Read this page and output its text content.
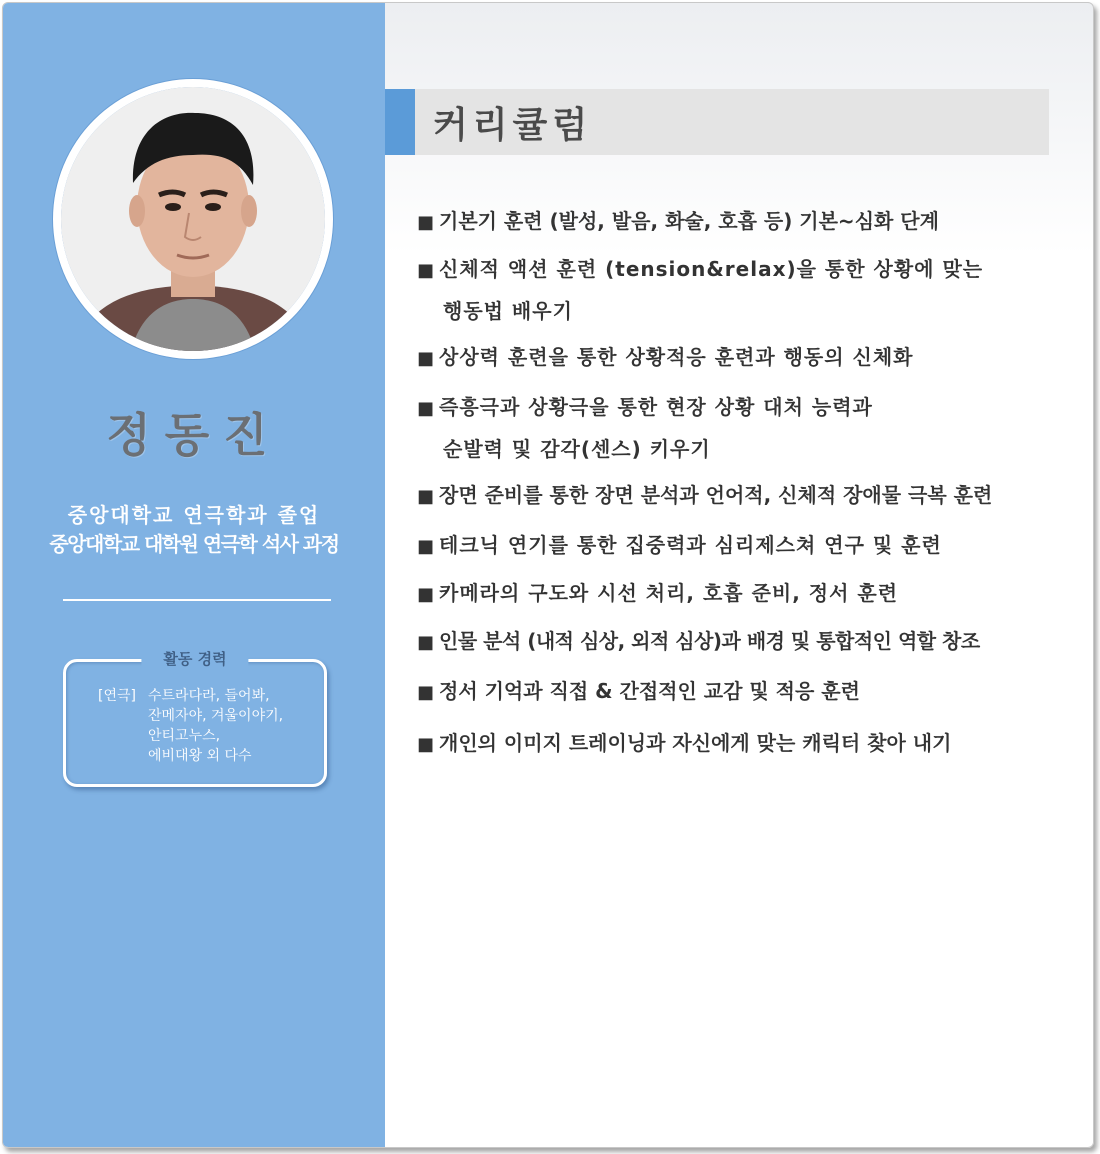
정동진
중앙대학교 연극학과 졸업
중앙대학교 대학원 연극학 석사 과정
활동 경력
[연극] 수트라다라, 들어봐,
잔메자야, 겨울이야기,
안티고누스,
에비대왕 외 다수
커리큘럼
■ 기본기 훈련 (발성, 발음, 화술, 호흡 등) 기본~심화 단계
■ 신체적 액션 훈련 (tension&relax)을 통한 상황에 맞는
행동법 배우기
■ 상상력 훈련을 통한 상황적응 훈련과 행동의 신체화
■ 즉흥극과 상황극을 통한 현장 상황 대처 능력과
순발력 및 감각(센스) 키우기
■ 장면 준비를 통한 장면 분석과 언어적, 신체적 장애물 극복 훈련
■ 테크닉 연기를 통한 집중력과 심리제스쳐 연구 및 훈련
■ 카메라의 구도와 시선 처리, 호흡 준비, 정서 훈련
■ 인물 분석 (내적 심상, 외적 심상)과 배경 및 통합적인 역할 창조
■ 정서 기억과 직접 & 간접적인 교감 및 적응 훈련
■ 개인의 이미지 트레이닝과 자신에게 맞는 캐릭터 찾아 내기
